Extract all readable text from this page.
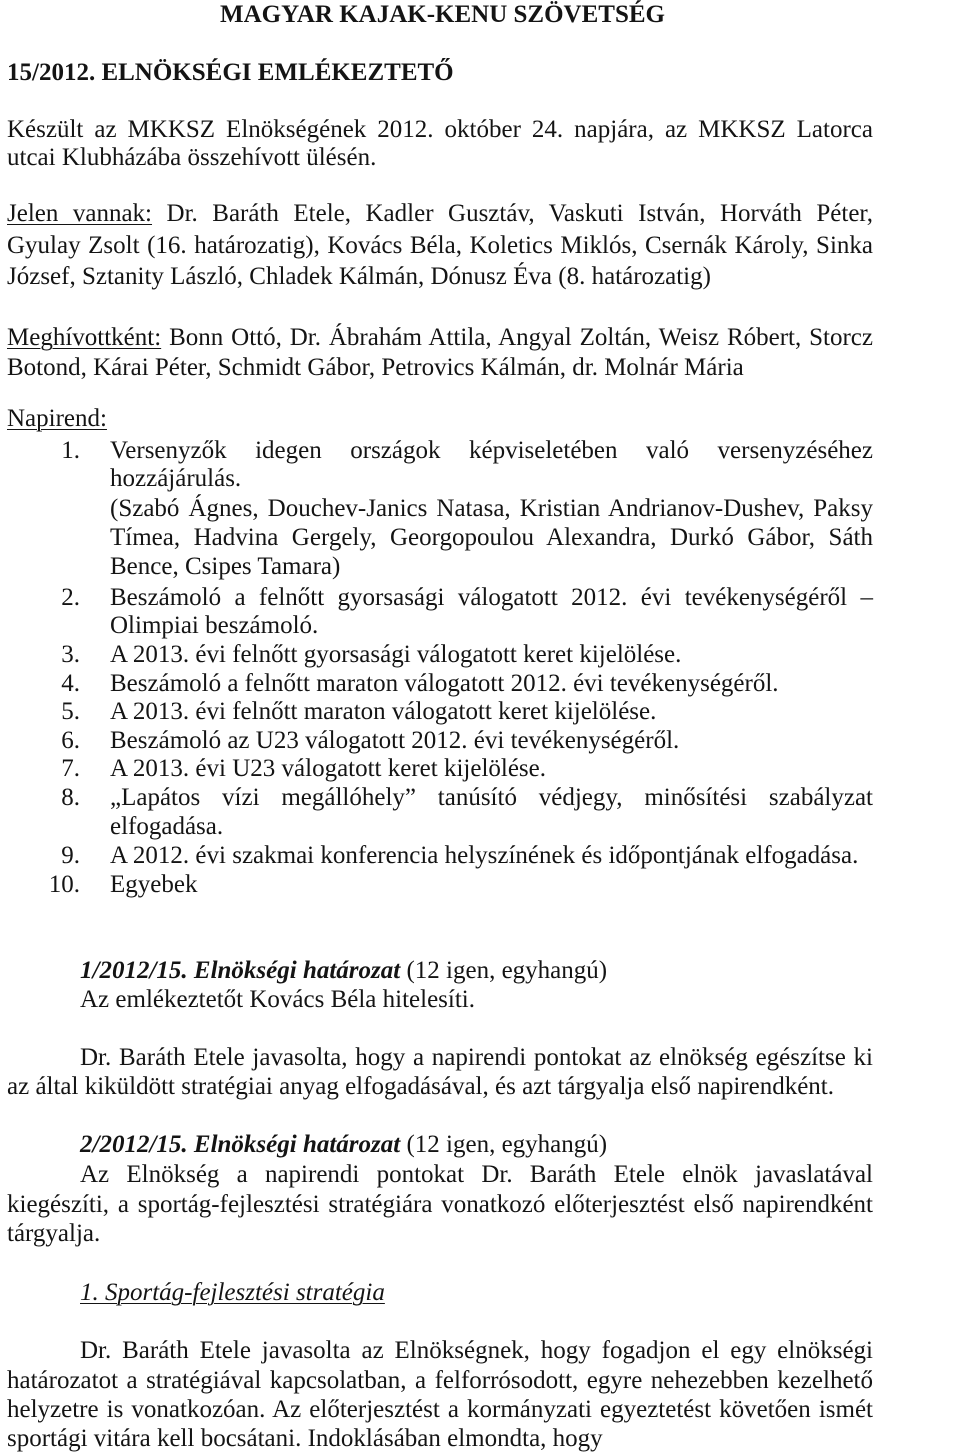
MAGYAR KAJAK-KENU SZÖVETSÉG
15/2012. ELNÖKSÉGI EMLÉKEZTETŐ
Készült az MKKSZ Elnökségének 2012. október 24. napjára, az MKKSZ Latorca
utcai Klubházába összehívott ülésén.
Jelen vannak: Dr. Baráth Etele, Kadler Gusztáv, Vaskuti István, Horváth Péter,
Gyulay Zsolt (16. határozatig), Kovács Béla, Koletics Miklós, Csernák Károly, Sinka
József, Sztanity László, Chladek Kálmán, Dónusz Éva (8. határozatig)
Meghívottként: Bonn Ottó, Dr. Ábrahám Attila, Angyal Zoltán, Weisz Róbert, Storcz
Botond, Kárai Péter, Schmidt Gábor, Petrovics Kálmán, dr. Molnár Mária
Napirend:
1. Versenyzők idegen országok képviseletében való versenyzéséhez
hozzájárulás.
(Szabó Ágnes, Douchev-Janics Natasa, Kristian Andrianov-Dushev, Paksy
Tímea, Hadvina Gergely, Georgopoulou Alexandra, Durkó Gábor, Sáth
Bence, Csipes Tamara)
2. Beszámoló a felnőtt gyorsasági válogatott 2012. évi tevékenységéről –
Olimpiai beszámoló.
3. A 2013. évi felnőtt gyorsasági válogatott keret kijelölése.
4. Beszámoló a felnőtt maraton válogatott 2012. évi tevékenységéről.
5. A 2013. évi felnőtt maraton válogatott keret kijelölése.
6. Beszámoló az U23 válogatott 2012. évi tevékenységéről.
7. A 2013. évi U23 válogatott keret kijelölése.
8. „Lapátos vízi megállóhely” tanúsító védjegy, minősítési szabályzat
elfogadása.
9. A 2012. évi szakmai konferencia helyszínének és időpontjának elfogadása.
10. Egyebek
1/2012/15. Elnökségi határozat (12 igen, egyhangú)
Az emlékeztetőt Kovács Béla hitelesíti.
Dr. Baráth Etele javasolta, hogy a napirendi pontokat az elnökség egészítse ki
az által kiküldött stratégiai anyag elfogadásával, és azt tárgyalja első napirendként.
2/2012/15. Elnökségi határozat (12 igen, egyhangú)
Az Elnökség a napirendi pontokat Dr. Baráth Etele elnök javaslatával
kiegészíti, a sportág-fejlesztési stratégiára vonatkozó előterjesztést első napirendként
tárgyalja.
1. Sportág-fejlesztési stratégia
Dr. Baráth Etele javasolta az Elnökségnek, hogy fogadjon el egy elnökségi
határozatot a stratégiával kapcsolatban, a felforrósodott, egyre nehezebben kezelhető
helyzetre is vonatkozóan. Az előterjesztést a kormányzati egyeztetést követően ismét
sportági vitára kell bocsátani. Indoklásában elmondta, hogy
